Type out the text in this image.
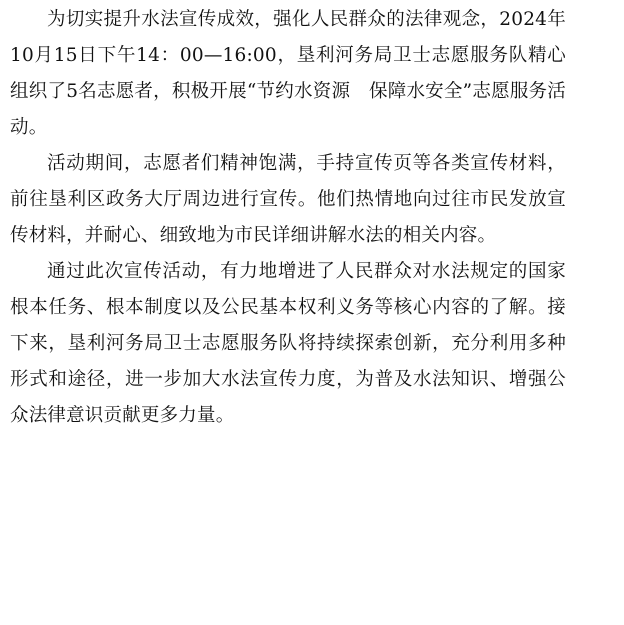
为切实提升水法宣传成效，强化人民群众的法律观念，2024年10月15日下午14：00—16:00，垦利河务局卫士志愿服务队精心组织了5名志愿者，积极开展“节约水资源　保障水安全”志愿服务活动。

活动期间，志愿者们精神饱满，手持宣传页等各类宣传材料，前往垦利区政务大厅周边进行宣传。他们热情地向过往市民发放宣传材料，并耐心、细致地为市民详细讲解水法的相关内容。

通过此次宣传活动，有力地增进了人民群众对水法规定的国家根本任务、根本制度以及公民基本权利义务等核心内容的了解。接下来，垦利河务局卫士志愿服务队将持续探索创新，充分利用多种形式和途径，进一步加大水法宣传力度，为普及水法知识、增强公众法律意识贡献更多力量。
